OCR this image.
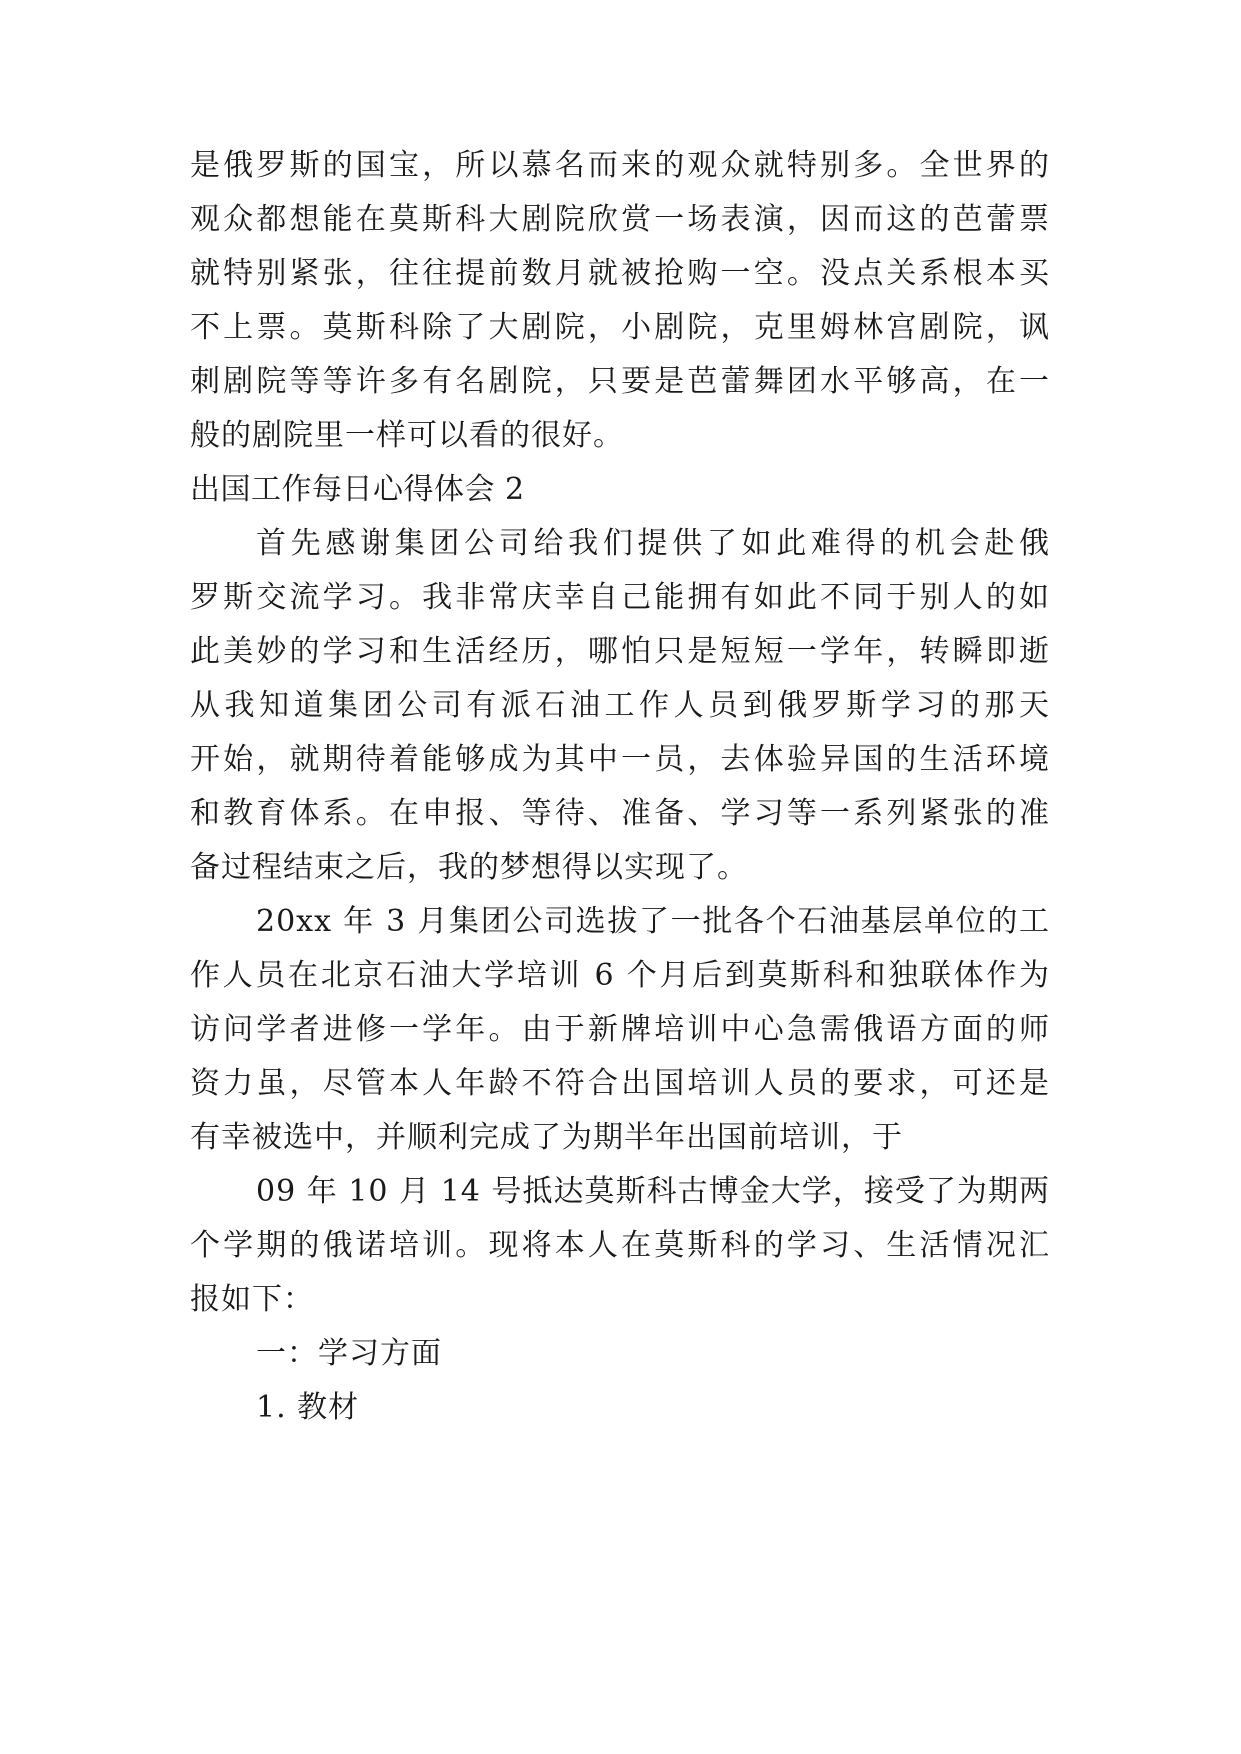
是俄罗斯的国宝，所以慕名而来的观众就特别多。全世界的
观众都想能在莫斯科大剧院欣赏一场表演，因而这的芭蕾票
就特别紧张，往往提前数月就被抢购一空。没点关系根本买
不上票。莫斯科除了大剧院，小剧院，克里姆林宫剧院，讽
刺剧院等等许多有名剧院，只要是芭蕾舞团水平够高，在一
般的剧院里一样可以看的很好。
出国工作每日心得体会 2
首先感谢集团公司给我们提供了如此难得的机会赴俄
罗斯交流学习。我非常庆幸自己能拥有如此不同于别人的如
此美妙的学习和生活经历，哪怕只是短短一学年，转瞬即逝
从我知道集团公司有派石油工作人员到俄罗斯学习的那天
开始，就期待着能够成为其中一员，去体验异国的生活环境
和教育体系。在申报、等待、准备、学习等一系列紧张的准
备过程结束之后，我的梦想得以实现了。
20xx 年 3 月集团公司选拔了一批各个石油基层单位的工
作人员在北京石油大学培训 6 个月后到莫斯科和独联体作为
访问学者进修一学年。由于新牌培训中心急需俄语方面的师
资力虽，尽管本人年龄不符合出国培训人员的要求，可还是
有幸被选中，并顺利完成了为期半年出国前培训，于
09 年 10 月 14 号抵达莫斯科古博金大学，接受了为期两
个学期的俄诺培训。现将本人在莫斯科的学习、生活情况汇
报如下：
一：学习方面
1. 教材
